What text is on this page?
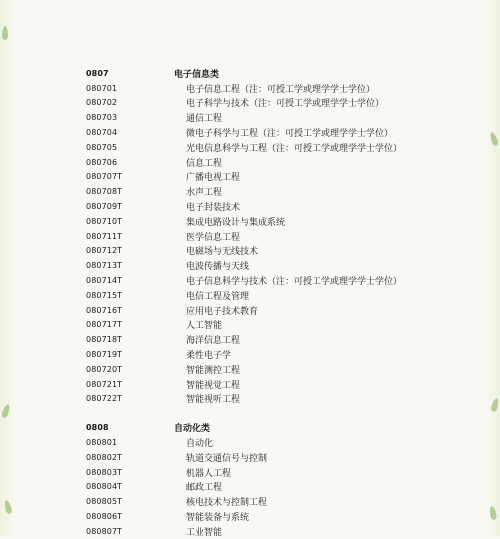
0807	电子信息类
080701	电子信息工程（注：可授工学或理学学士学位）
080702	电子科学与技术（注：可授工学或理学学士学位）
080703	通信工程
080704	微电子科学与工程（注：可授工学或理学学士学位）
080705	光电信息科学与工程（注：可授工学或理学学士学位）
080706	信息工程
080707T	广播电视工程
080708T	水声工程
080709T	电子封装技术
080710T	集成电路设计与集成系统
080711T	医学信息工程
080712T	电磁场与无线技术
080713T	电波传播与天线
080714T	电子信息科学与技术（注：可授工学或理学学士学位）
080715T	电信工程及管理
080716T	应用电子技术教育
080717T	人工智能
080718T	海洋信息工程
080719T	柔性电子学
080720T	智能测控工程
080721T	智能视觉工程
080722T	智能视听工程
0808	自动化类
080801	自动化
080802T	轨道交通信号与控制
080803T	机器人工程
080804T	邮政工程
080805T	核电技术与控制工程
080806T	智能装备与系统
080807T	工业智能
